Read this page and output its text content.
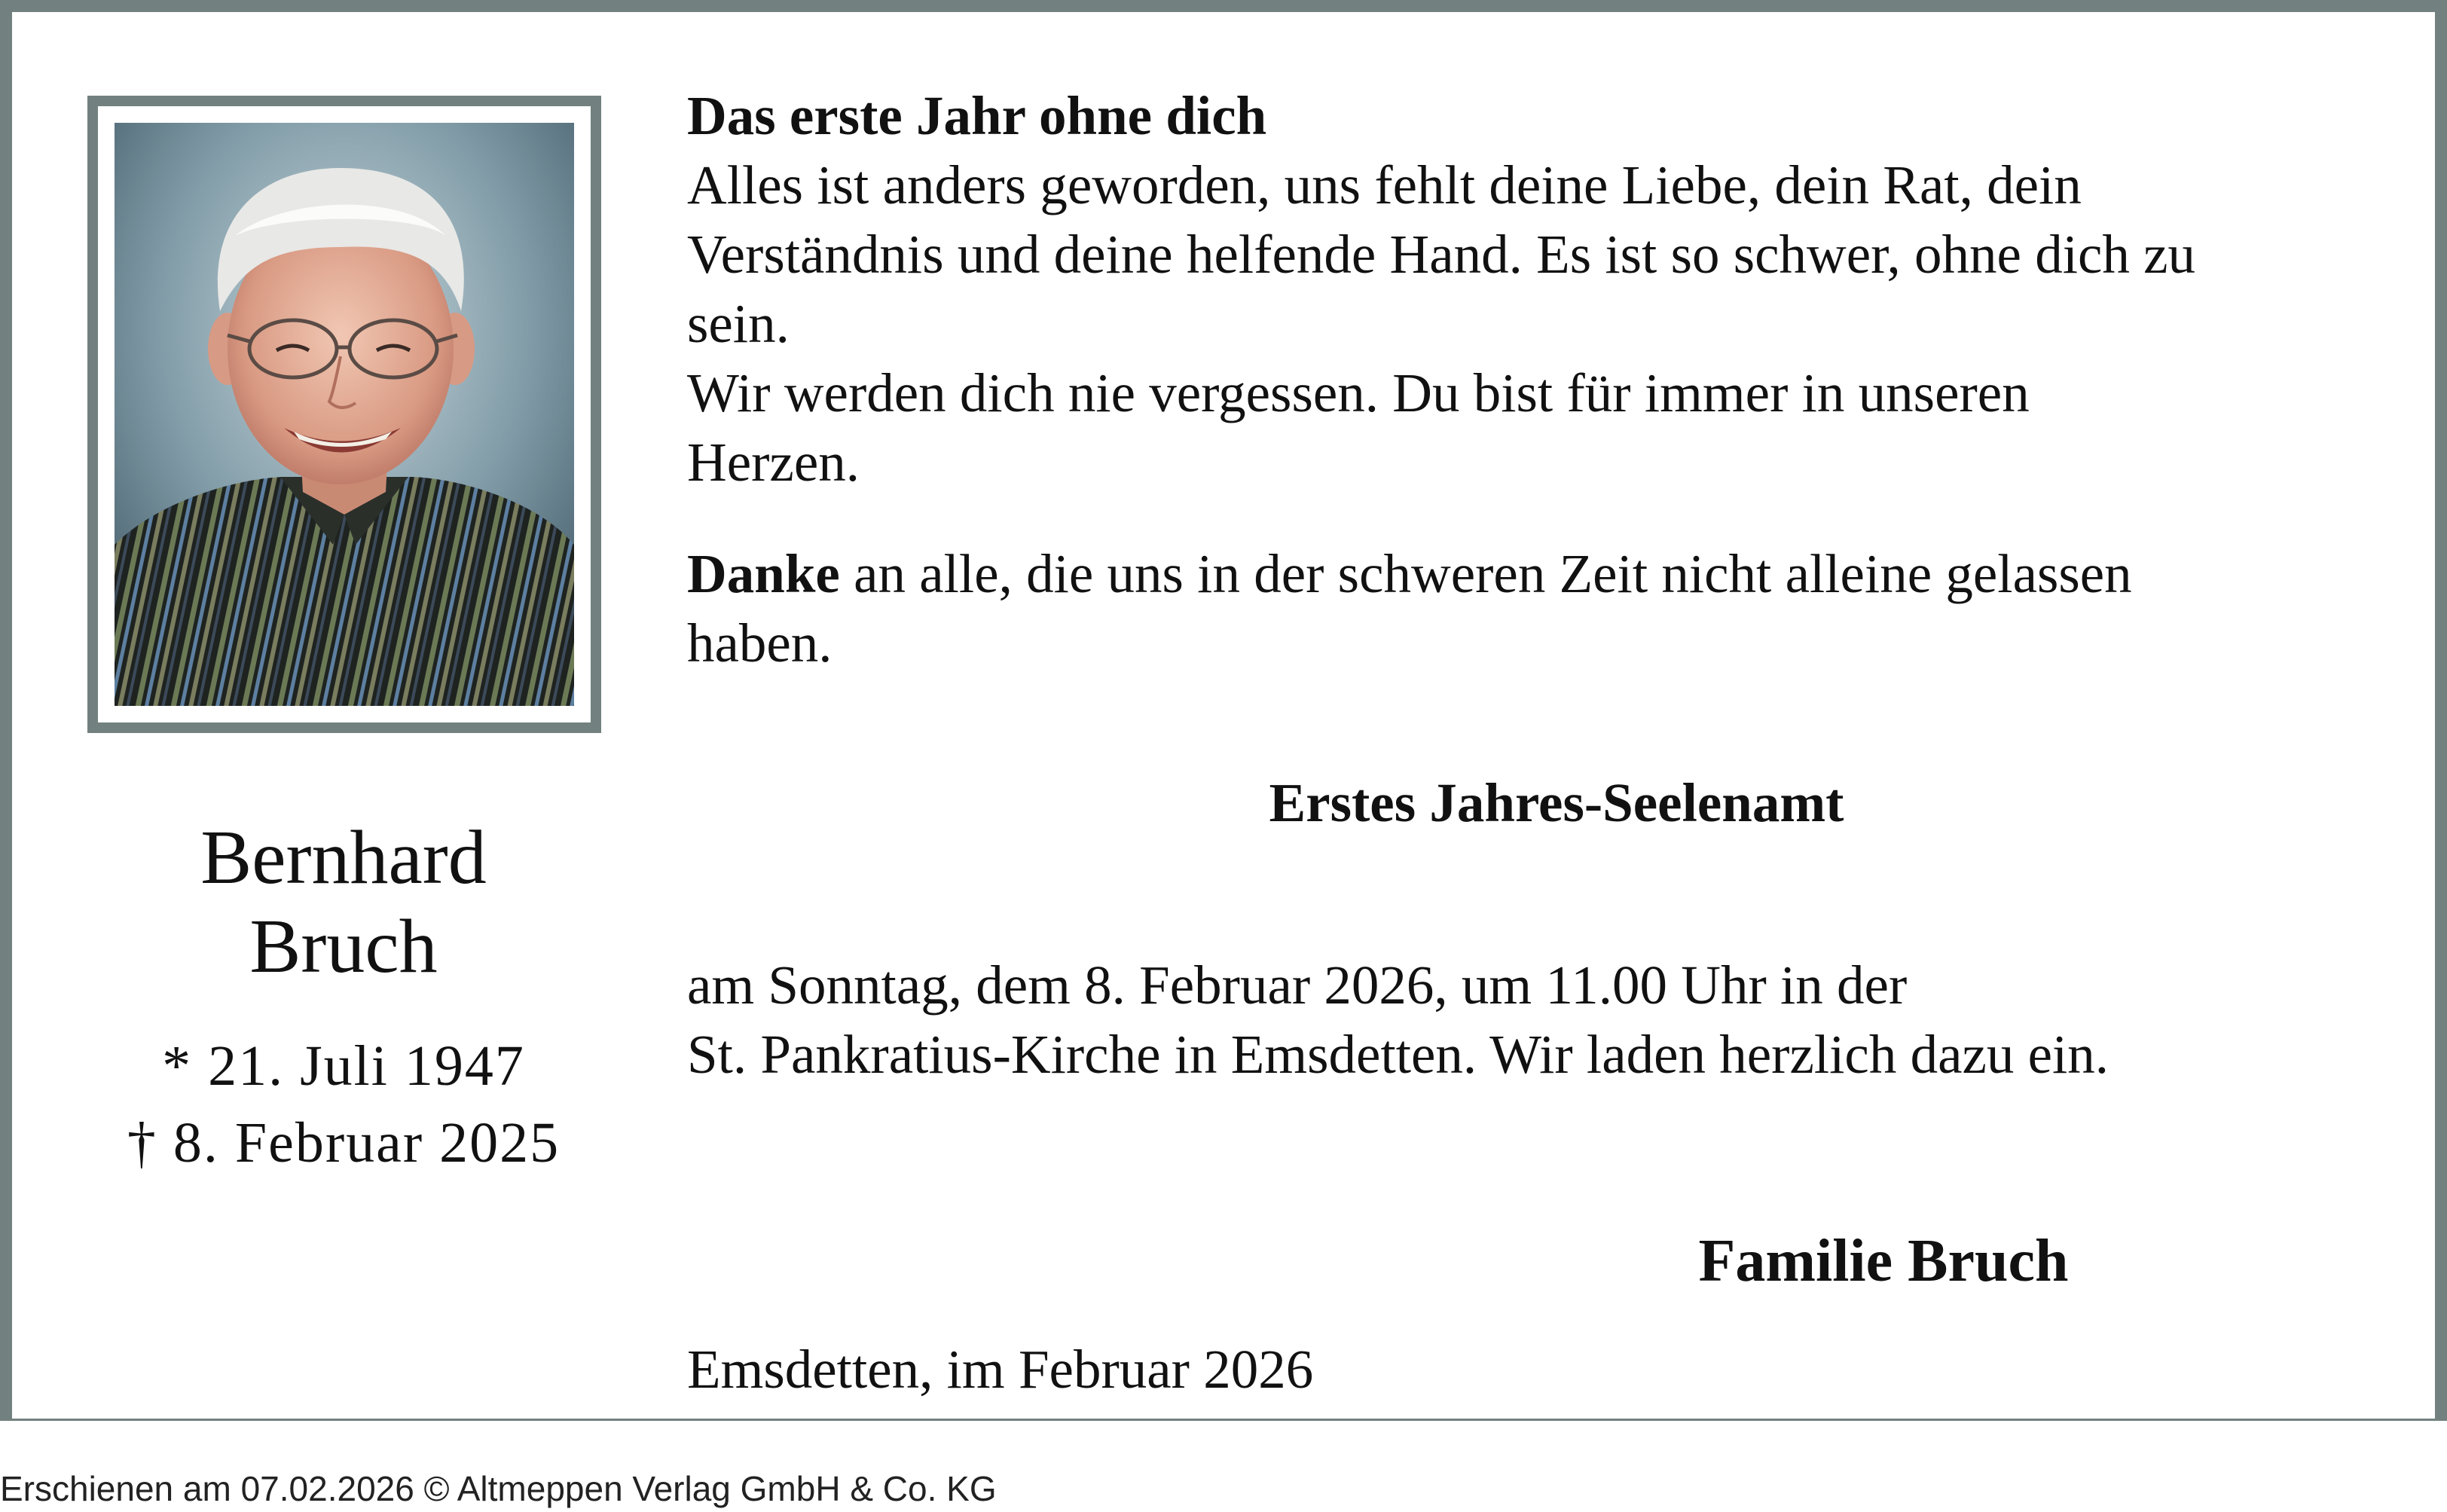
Bernhard
Bruch
* 21. Juli 1947
† 8. Februar 2025
Das erste Jahr ohne dich
Alles ist anders geworden, uns fehlt deine Liebe, dein Rat, dein
Verständnis und deine helfende Hand. Es ist so schwer, ohne dich zu
sein.
Wir werden dich nie vergessen. Du bist für immer in unseren
Herzen.
Danke an alle, die uns in der schweren Zeit nicht alleine gelassen
haben.
Erstes Jahres-Seelenamt
am Sonntag, dem 8. Februar 2026, um 11.00 Uhr in der
St. Pankratius-Kirche in Emsdetten. Wir laden herzlich dazu ein.
Familie Bruch
Emsdetten, im Februar 2026
Erschienen am 07.02.2026 © Altmeppen Verlag GmbH & Co. KG
